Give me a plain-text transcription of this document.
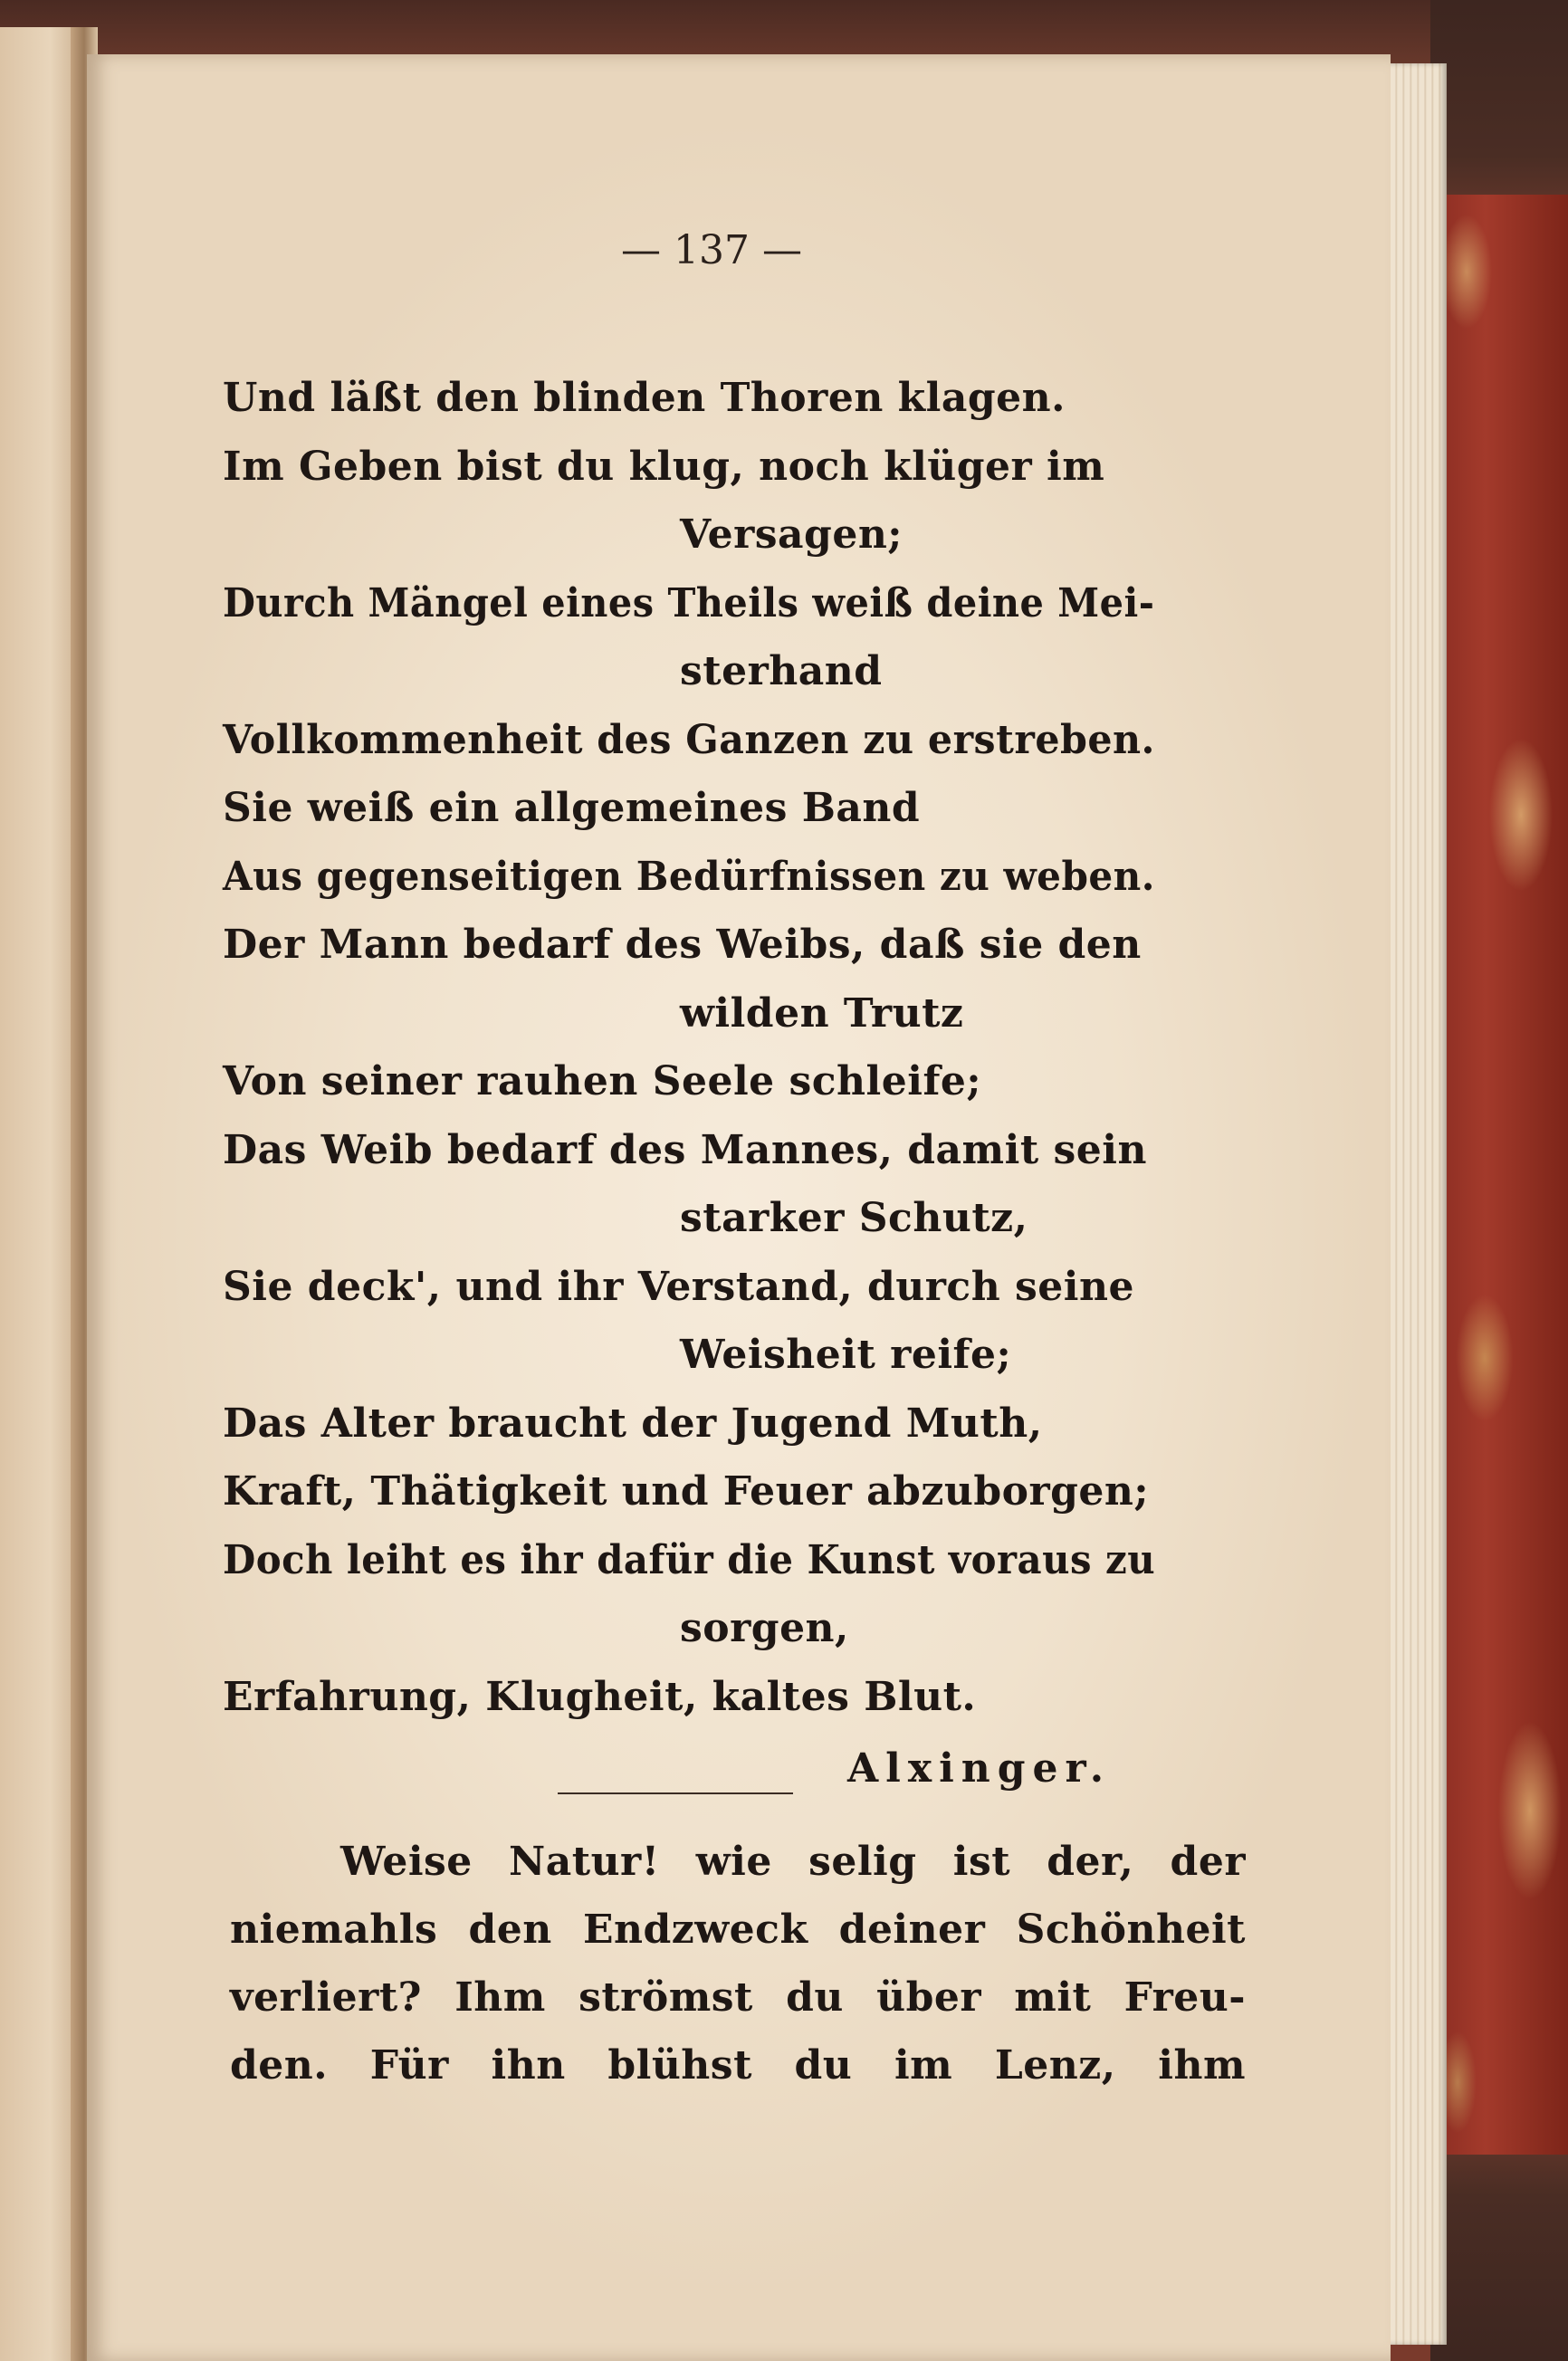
— 137 —
Und läßt den blinden Thoren klagen.
Im Geben bist du klug, noch klüger im
Versagen;
Durch Mängel eines Theils weiß deine Mei-
sterhand
Vollkommenheit des Ganzen zu erstreben.
Sie weiß ein allgemeines Band
Aus gegenseitigen Bedürfnissen zu weben.
Der Mann bedarf des Weibs, daß sie den
wilden Trutz
Von seiner rauhen Seele schleife;
Das Weib bedarf des Mannes, damit sein
starker Schutz,
Sie deck', und ihr Verstand, durch seine
Weisheit reife;
Das Alter braucht der Jugend Muth,
Kraft, Thätigkeit und Feuer abzuborgen;
Doch leiht es ihr dafür die Kunst voraus zu
sorgen,
Erfahrung, Klugheit, kaltes Blut.
Alxinger.
Weise Natur! wie selig ist der, der
niemahls den Endzweck deiner Schönheit
verliert? Ihm strömst du über mit Freu-
den. Für ihn blühst du im Lenz, ihm
